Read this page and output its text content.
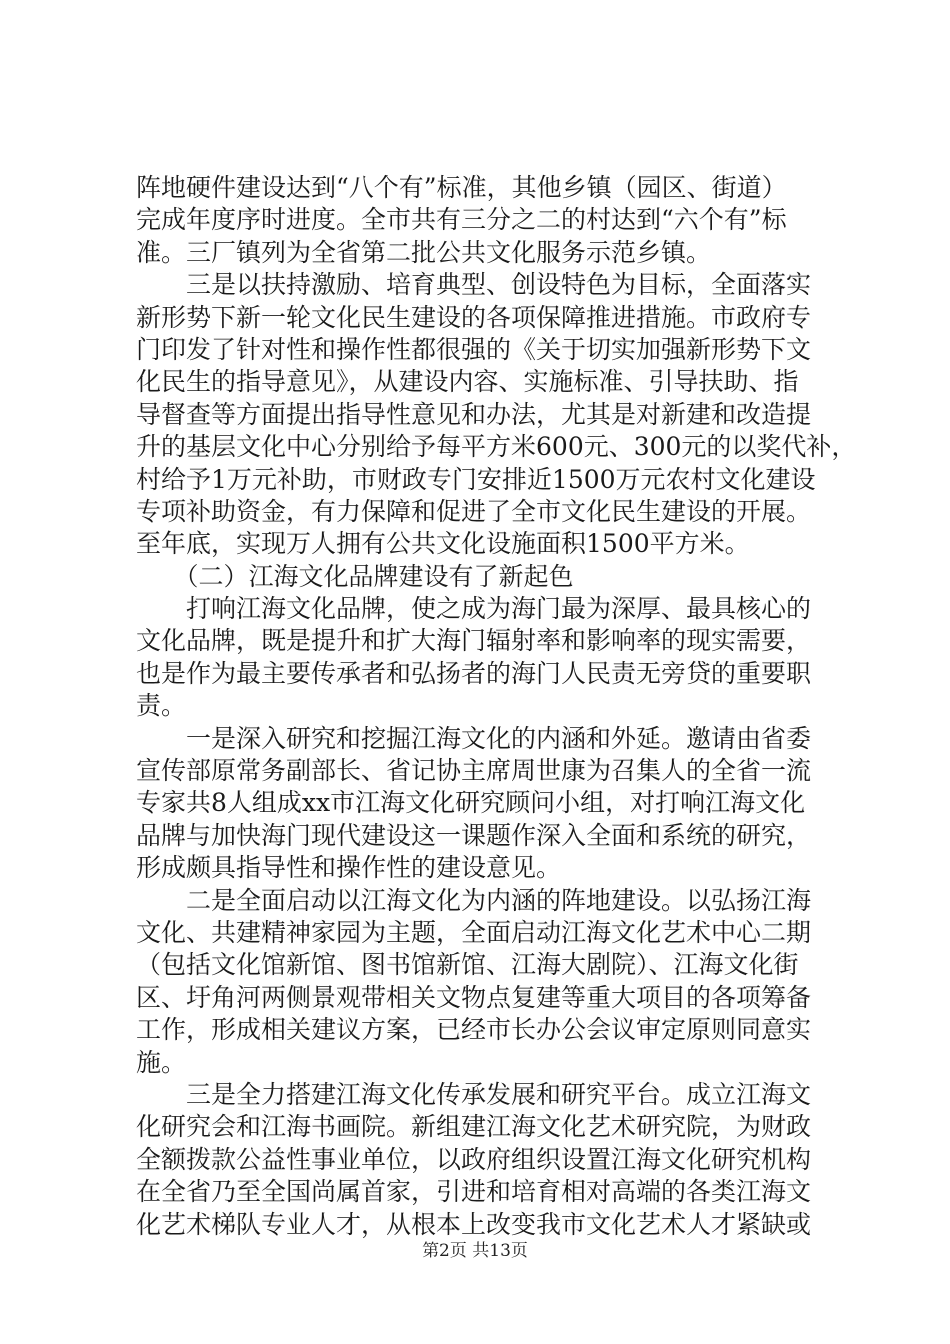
阵地硬件建设达到“八个有”标准，其他乡镇（园区、街道）
完成年度序时进度。全市共有三分之二的村达到“六个有”标
准。三厂镇列为全省第二批公共文化服务示范乡镇。
　　三是以扶持激励、培育典型、创设特色为目标，全面落实
新形势下新一轮文化民生建设的各项保障推进措施。市政府专
门印发了针对性和操作性都很强的《关于切实加强新形势下文
化民生的指导意见》，从建设内容、实施标准、引导扶助、指
导督查等方面提出指导性意见和办法，尤其是对新建和改造提
升的基层文化中心分别给予每平方米600元、300元的以奖代补，
村给予1万元补助，市财政专门安排近1500万元农村文化建设
专项补助资金，有力保障和促进了全市文化民生建设的开展。
至年底，实现万人拥有公共文化设施面积1500平方米。
　　（二）江海文化品牌建设有了新起色
　　打响江海文化品牌，使之成为海门最为深厚、最具核心的
文化品牌，既是提升和扩大海门辐射率和影响率的现实需要，
也是作为最主要传承者和弘扬者的海门人民责无旁贷的重要职
责。
　　一是深入研究和挖掘江海文化的内涵和外延。邀请由省委
宣传部原常务副部长、省记协主席周世康为召集人的全省一流
专家共8人组成xx市江海文化研究顾问小组，对打响江海文化
品牌与加快海门现代建设这一课题作深入全面和系统的研究，
形成颇具指导性和操作性的建设意见。
　　二是全面启动以江海文化为内涵的阵地建设。以弘扬江海
文化、共建精神家园为主题，全面启动江海文化艺术中心二期
（包括文化馆新馆、图书馆新馆、江海大剧院）、江海文化街
区、圩角河两侧景观带相关文物点复建等重大项目的各项筹备
工作，形成相关建议方案，已经市长办公会议审定原则同意实
施。
　　三是全力搭建江海文化传承发展和研究平台。成立江海文
化研究会和江海书画院。新组建江海文化艺术研究院，为财政
全额拨款公益性事业单位，以政府组织设置江海文化研究机构
在全省乃至全国尚属首家，引进和培育相对高端的各类江海文
化艺术梯队专业人才，从根本上改变我市文化艺术人才紧缺或
第2页 共13页
